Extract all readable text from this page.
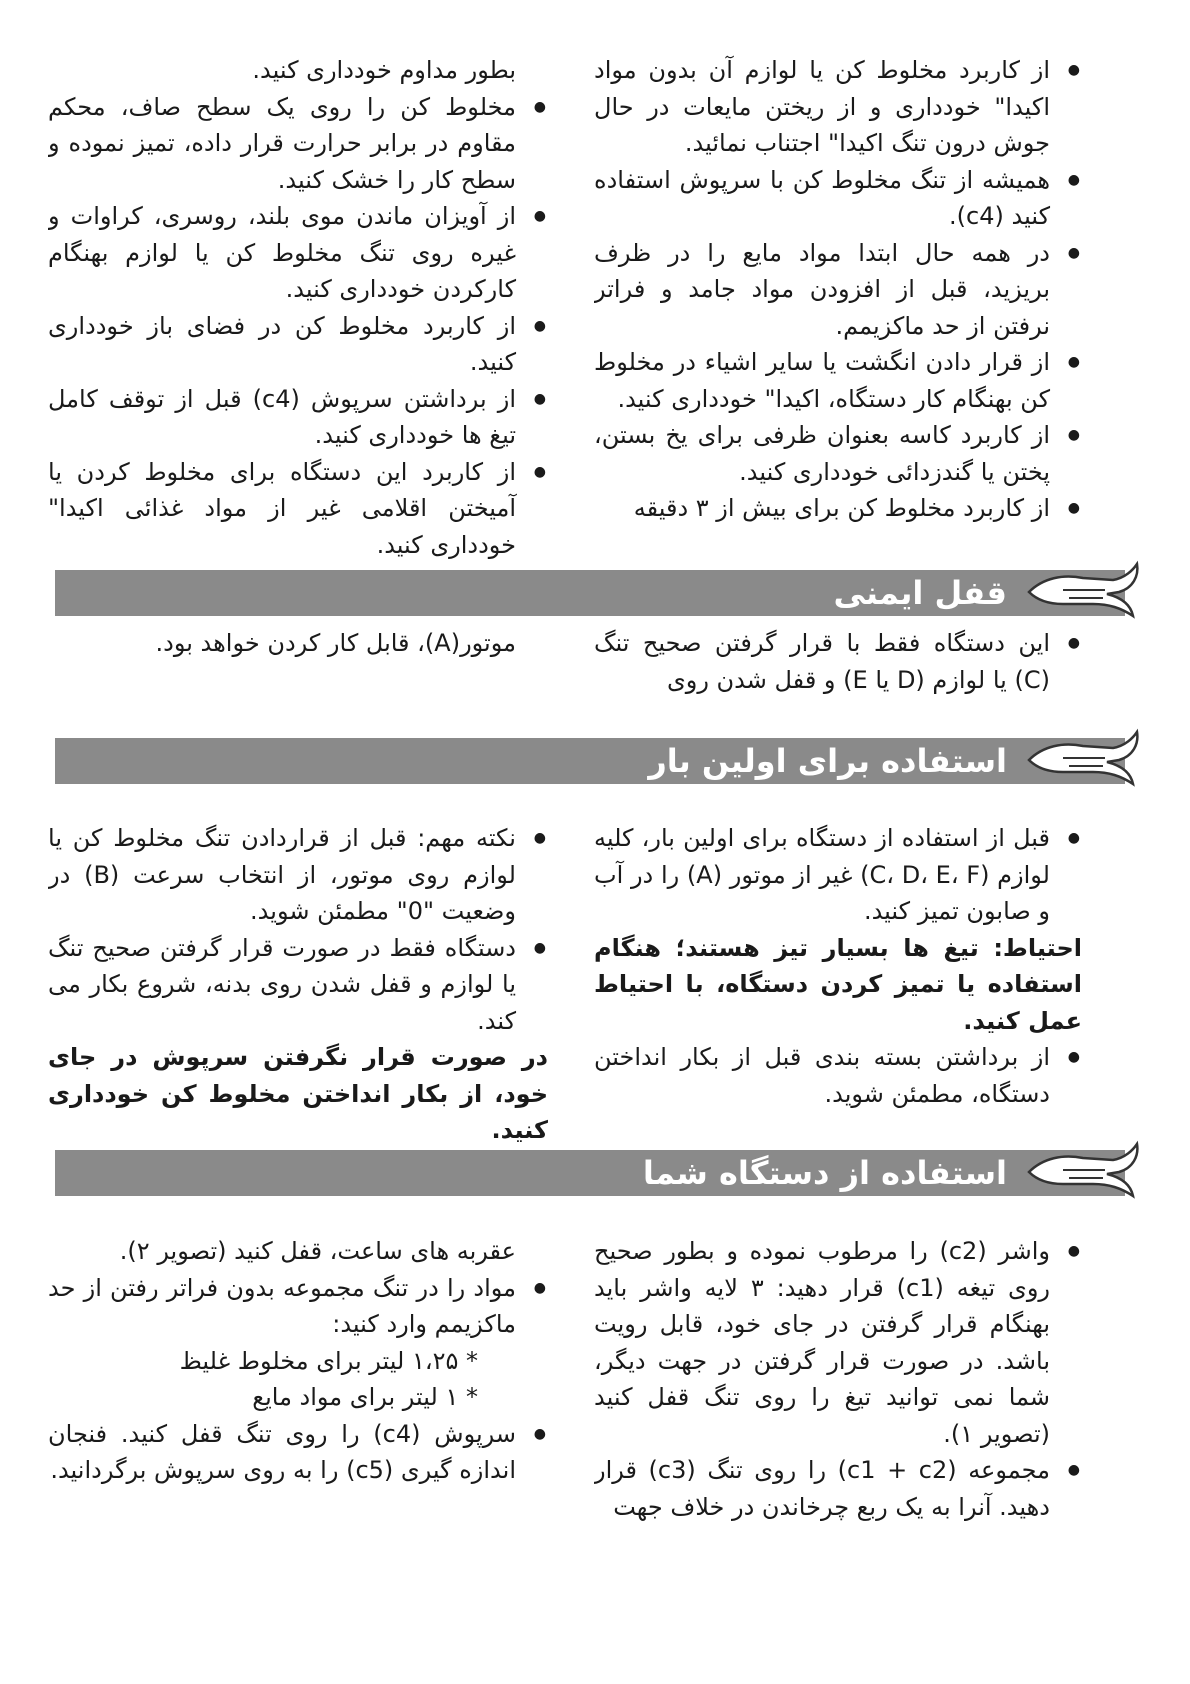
● از کاربرد مخلوط کن یا لوازم آن بدون مواد اکیدا" خودداری و از ریختن مایعات در حال جوش درون تنگ اکیدا" اجتناب نمائید.

● همیشه از تنگ مخلوط کن با سرپوش استفاده کنید (c4).

● در همه حال ابتدا مواد مایع را در ظرف بریزید، قبل از افزودن مواد جامد و فراتر نرفتن از حد ماکزیمم.

● از قرار دادن انگشت یا سایر اشیاء در مخلوط کن بهنگام کار دستگاه، اکیدا" خودداری کنید.

● از کاربرد کاسه بعنوان ظرفی برای یخ بستن، پختن یا گندزدائی خودداری کنید.

● از کاربرد مخلوط کن برای بیش از ۳ دقیقه

بطور مداوم خودداری کنید.

● مخلوط کن را روی یک سطح صاف، محکم مقاوم در برابر حرارت قرار داده، تمیز نموده و سطح کار را خشک کنید.

● از آویزان ماندن موی بلند، روسری، کراوات و غیره روی تنگ مخلوط کن یا لوازم بهنگام کارکردن خودداری کنید.

● از کاربرد مخلوط کن در فضای باز خودداری کنید.

● از برداشتن سرپوش (c4) قبل از توقف کامل تیغ ها خودداری کنید.

● از کاربرد این دستگاه برای مخلوط کردن یا آمیختن اقلامی غیر از مواد غذائی اکیدا" خودداری کنید.

قفل ایمنی

● این دستگاه فقط با قرار گرفتن صحیح تنگ (C) یا لوازم (D یا E) و قفل شدن روی

موتور(A)، قابل کار کردن خواهد بود.

استفاده برای اولین بار

● قبل از استفاده از دستگاه برای اولین بار، کلیه لوازم (C، D، E، F) غیر از موتور (A) را در آب و صابون تمیز کنید.

احتیاط: تیغ ها بسیار تیز هستند؛ هنگام استفاده یا تمیز کردن دستگاه، با احتیاط عمل کنید.

● از برداشتن بسته بندی قبل از بکار انداختن دستگاه، مطمئن شوید.

● نکته مهم: قبل از قراردادن تنگ مخلوط کن یا لوازم روی موتور، از انتخاب سرعت (B) در وضعیت "0" مطمئن شوید.

● دستگاه فقط در صورت قرار گرفتن صحیح تنگ یا لوازم و قفل شدن روی بدنه، شروع بکار می کند.

در صورت قرار نگرفتن سرپوش در جای خود، از بکار انداختن مخلوط کن خودداری کنید.

استفاده از دستگاه شما

● واشر (c2) را مرطوب نموده و بطور صحیح روی تیغه (c1) قرار دهید: ۳ لایه واشر باید بهنگام قرار گرفتن در جای خود، قابل رویت باشد. در صورت قرار گرفتن در جهت دیگر، شما نمی توانید تیغ را روی تنگ قفل کنید (تصویر ۱).

● مجموعه (c1 + c2) را روی تنگ (c3) قرار دهید. آنرا به یک ربع چرخاندن در خلاف جهت

عقربه های ساعت، قفل کنید (تصویر ۲).

● مواد را در تنگ مجموعه بدون فراتر رفتن از حد ماکزیمم وارد کنید:

* ۱،۲۵ لیتر برای مخلوط غلیظ

* ۱ لیتر برای مواد مایع

● سرپوش (c4) را روی تنگ قفل کنید. فنجان اندازه گیری (c5) را به روی سرپوش برگردانید.
